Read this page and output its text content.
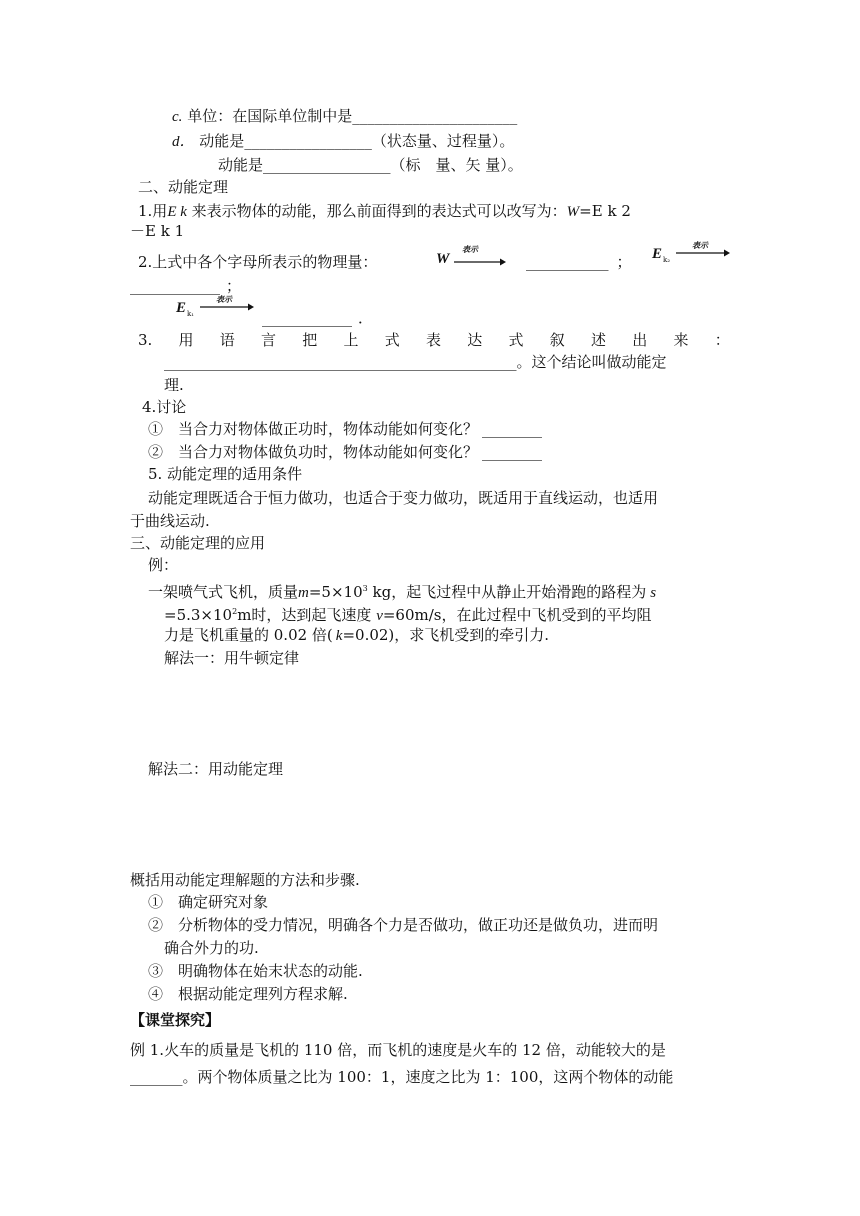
c. 单位：在国际单位制中是______________________
d． 动能是_________________（状态量、过程量）。
动能是_________________（标　量、矢 量）。
二、动能定理
1.用E k 来表示物体的动能，那么前面得到的表达式可以改写为：W=E k 2
－E k 1
2.上式中各个字母所表示的物理量：	W
表示
___________ ； E k₂
表示
____________ ；
E k₁
表示
____________ ．
3. 用 语 言 把 上 式 表 达 式 叙 述 出 来 ：
_______________________________________________。这个结论叫做动能定
理.
4.讨论
①　当合力对物体做正功时，物体动能如何变化？ ________
②　当合力对物体做负功时，物体动能如何变化？ ________
5. 动能定理的适用条件
动能定理既适合于恒力做功，也适合于变力做功，既适用于直线运动，也适用
于曲线运动.
三、动能定理的应用
例：
一架喷气式飞机，质量$m=5\times 10^3$ kg，起飞过程中从静止开始滑跑的路程为 s
$=5.3\times 10^2m$时，达到起飞速度 v=60m/s，在此过程中飞机受到的平均阻
力是飞机重量的 0.02 倍( k=0.02)，求飞机受到的牵引力.
解法一：用牛顿定律
解法二：用动能定理
概括用动能定理解题的方法和步骤.
①　确定研究对象
②　分析物体的受力情况，明确各个力是否做功，做正功还是做负功，进而明
确合外力的功.
③　明确物体在始末状态的动能.
④　根据动能定理列方程求解.
【课堂探究】
例 1.火车的质量是飞机的 110 倍，而飞机的速度是火车的 12 倍，动能较大的是
_______。两个物体质量之比为 100：1，速度之比为 1：100，这两个物体的动能
